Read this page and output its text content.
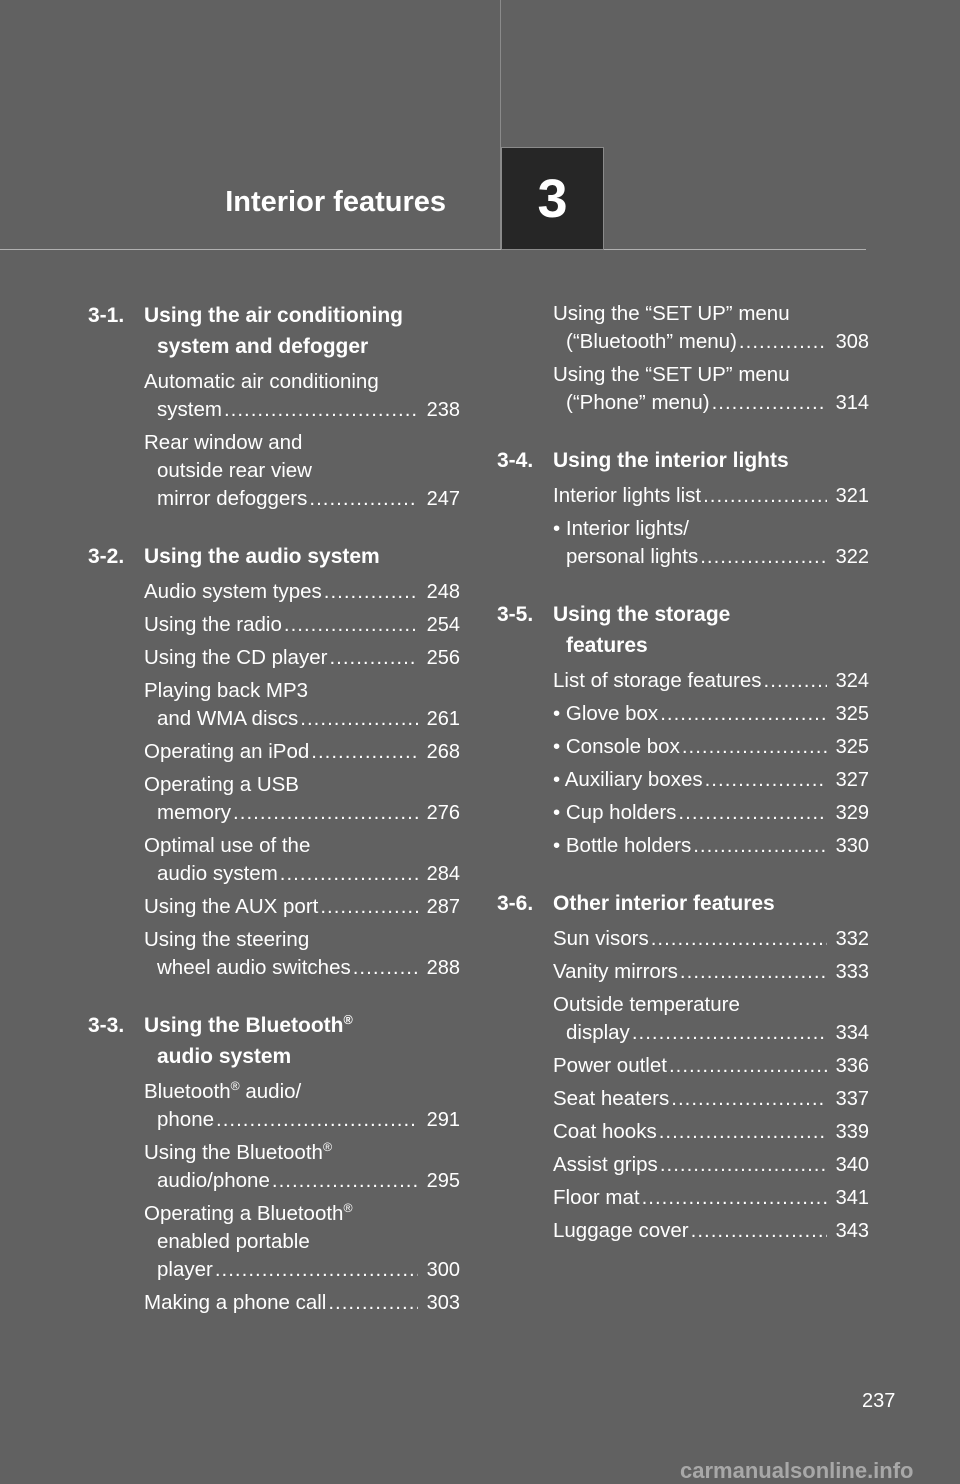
Interior features 3
3-1. Using the air conditioning
system and defogger
Automatic air conditioning
system .....	238
Rear window and
outside rear view
mirror defoggers .....	247
3-2. Using the audio system
Audio system types .....	248
Using the radio .....	254
Using the CD player .....	256
Playing back MP3
and WMA discs .....	261
Operating an iPod .....	268
Operating a USB
memory .....	276
Optimal use of the
audio system .....	284
Using the AUX port .....	287
Using the steering
wheel audio switches .....	288
3-3. Using the Bluetooth®
audio system
Bluetooth® audio/
phone .....	291
Using the Bluetooth®
audio/phone .....	295
Operating a Bluetooth®
enabled portable
player .....	300
Making a phone call .....	303
Using the “SET UP” menu
(“Bluetooth” menu) .....	308
Using the “SET UP” menu
(“Phone” menu) .....	314
3-4. Using the interior lights
Interior lights list .....	321
• Interior lights/
personal lights .....	322
3-5. Using the storage
features
List of storage features .....	324
• Glove box .....	325
• Console box .....	325
• Auxiliary boxes .....	327
• Cup holders .....	329
• Bottle holders .....	330
3-6. Other interior features
Sun visors .....	332
Vanity mirrors .....	333
Outside temperature
display .....	334
Power outlet .....	336
Seat heaters .....	337
Coat hooks .....	339
Assist grips .....	340
Floor mat .....	341
Luggage cover .....	343
237
carmanualsonline.info
